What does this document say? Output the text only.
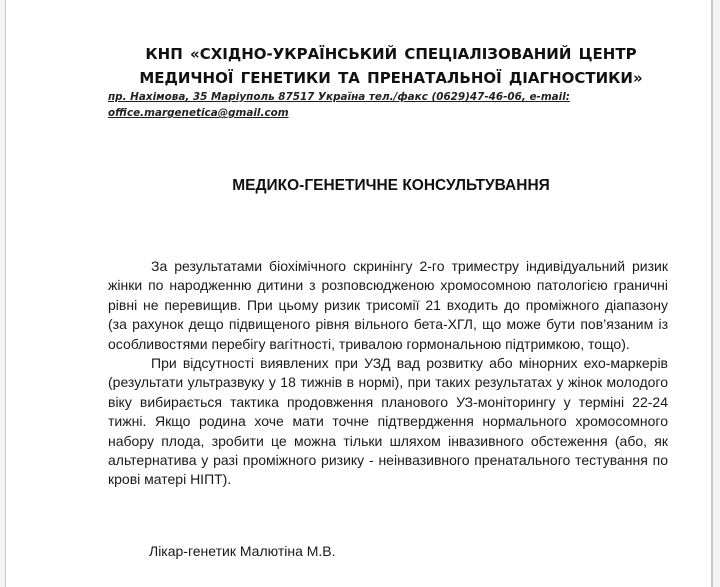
КНП «СХІДНО-УКРАЇНСЬКИЙ СПЕЦІАЛІЗОВАНИЙ ЦЕНТР
МЕДИЧНОЇ ГЕНЕТИКИ ТА ПРЕНАТАЛЬНОЇ ДІАГНОСТИКИ»
пр. Нахімова, 35 Маріуполь 87517 Україна тел./факс (0629)47-46-06, e-mail:
office.margenetica@gmail.com
МЕДИКО-ГЕНЕТИЧНЕ КОНСУЛЬТУВАННЯ

За результатами біохімічного скринінгу 2-го триместру індивідуальний ризик жінки по народженню дитини з розповсюдженою хромосомною патологією граничні рівні не перевищив. При цьому ризик трисомії 21 входить до проміжного діапазону (за рахунок дещо підвищеного рівня вільного бета-ХГЛ, що може бути пов’язаним із особливостями перебігу вагітності, тривалою гормональною підтримкою, тощо).

При відсутності виявлених при УЗД вад розвитку або мінорних ехо-маркерів (результати ультразвуку у 18 тижнів в нормі), при таких результатах у жінок молодого віку вибирається тактика продовження планового УЗ-моніторингу у терміні 22-24 тижні. Якщо родина хоче мати точне підтвердження нормального хромосомного набору плода, зробити це можна тільки шляхом інвазивного обстеження (або, як альтернатива у разі проміжного ризику - неінвазивного пренатального тестування по крові матері НІПТ).

Лікар-генетик Малютіна М.В.
